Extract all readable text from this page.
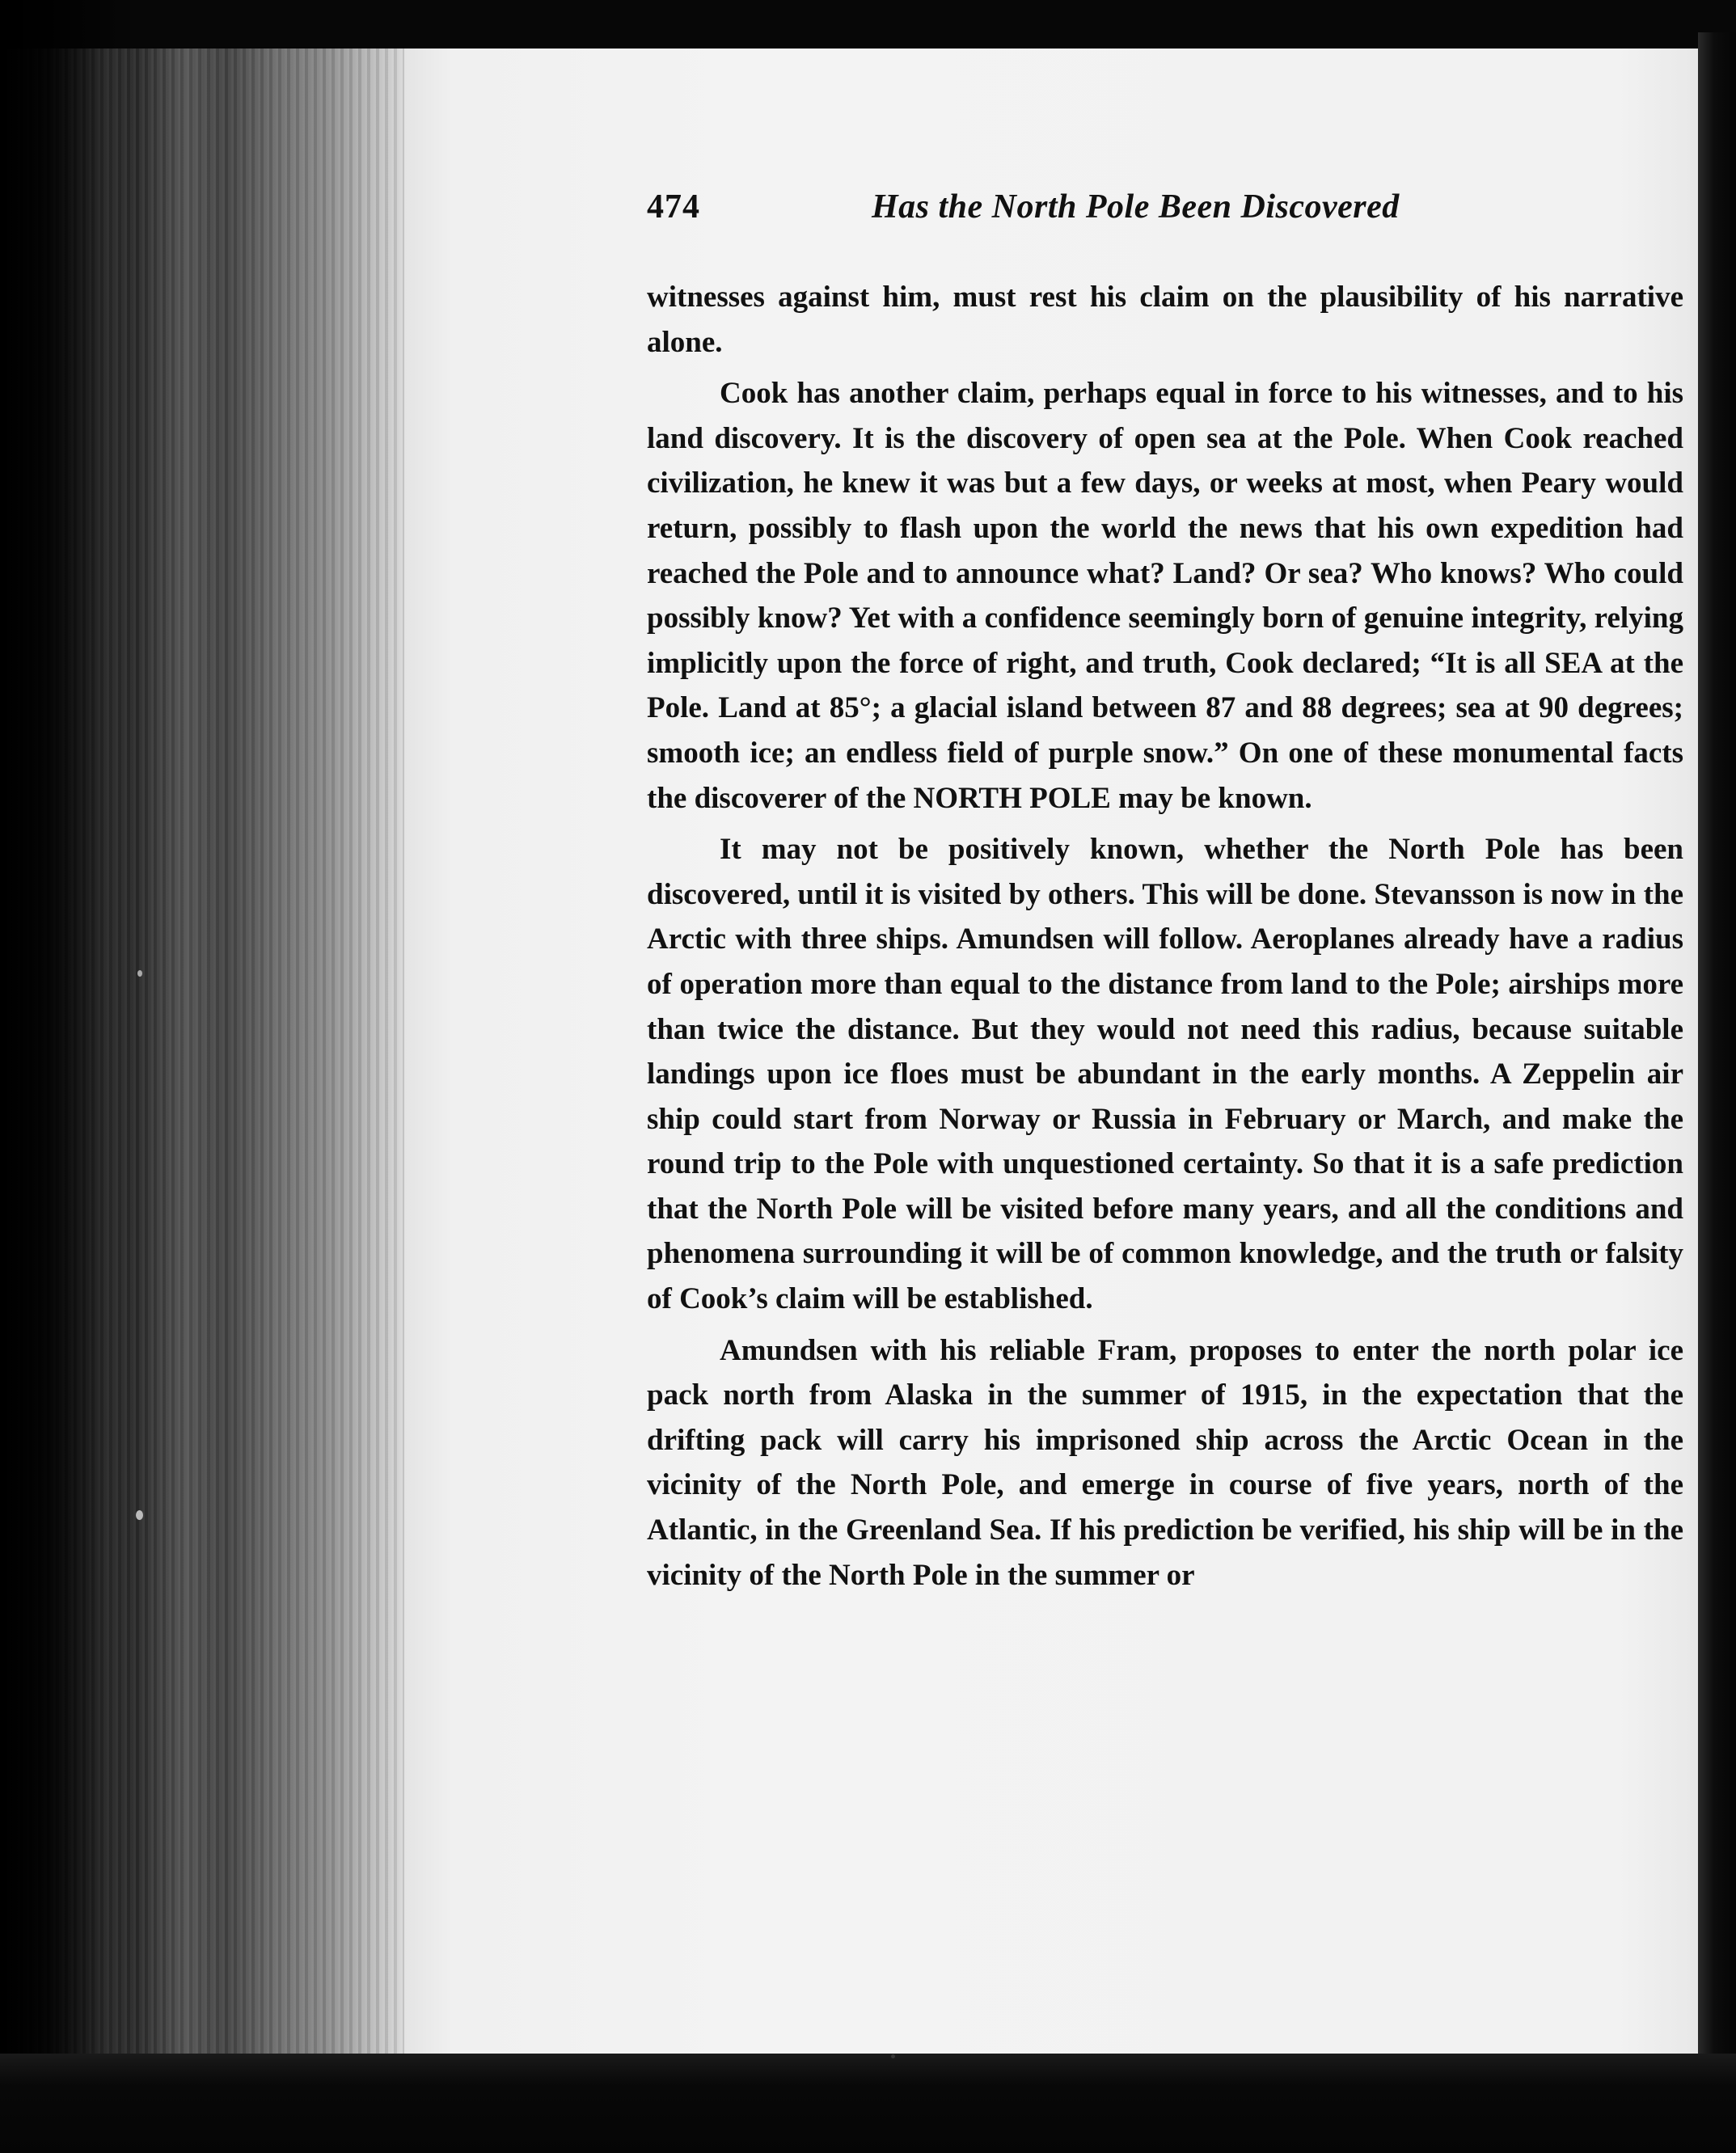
474	Has the North Pole Been Discovered

witnesses against him, must rest his claim on the plausibility of his narrative alone.

Cook has another claim, perhaps equal in force to his witnesses, and to his land discovery. It is the discovery of open sea at the Pole. When Cook reached civilization, he knew it was but a few days, or weeks at most, when Peary would return, possibly to flash upon the world the news that his own expedition had reached the Pole and to announce what? Land? Or sea? Who knows? Who could possibly know? Yet with a confidence seemingly born of genuine integrity, relying implicitly upon the force of right, and truth, Cook declared; “It is all SEA at the Pole. Land at 85°; a glacial island between 87 and 88 degrees; sea at 90 degrees; smooth ice; an endless field of purple snow.” On one of these monumental facts the discoverer of the NORTH POLE may be known.

It may not be positively known, whether the North Pole has been discovered, until it is visited by others. This will be done. Stevansson is now in the Arctic with three ships. Amundsen will follow. Aeroplanes already have a radius of operation more than equal to the distance from land to the Pole; airships more than twice the distance. But they would not need this radius, because suitable landings upon ice floes must be abundant in the early months. A Zeppelin air ship could start from Norway or Russia in February or March, and make the round trip to the Pole with unquestioned certainty. So that it is a safe prediction that the North Pole will be visited before many years, and all the conditions and phenomena surrounding it will be of common knowledge, and the truth or falsity of Cook’s claim will be established.

Amundsen with his reliable Fram, proposes to enter the north polar ice pack north from Alaska in the summer of 1915, in the expectation that the drifting pack will carry his imprisoned ship across the Arctic Ocean in the vicinity of the North Pole, and emerge in course of five years, north of the Atlantic, in the Greenland Sea. If his prediction be verified, his ship will be in the vicinity of the North Pole in the summer or
